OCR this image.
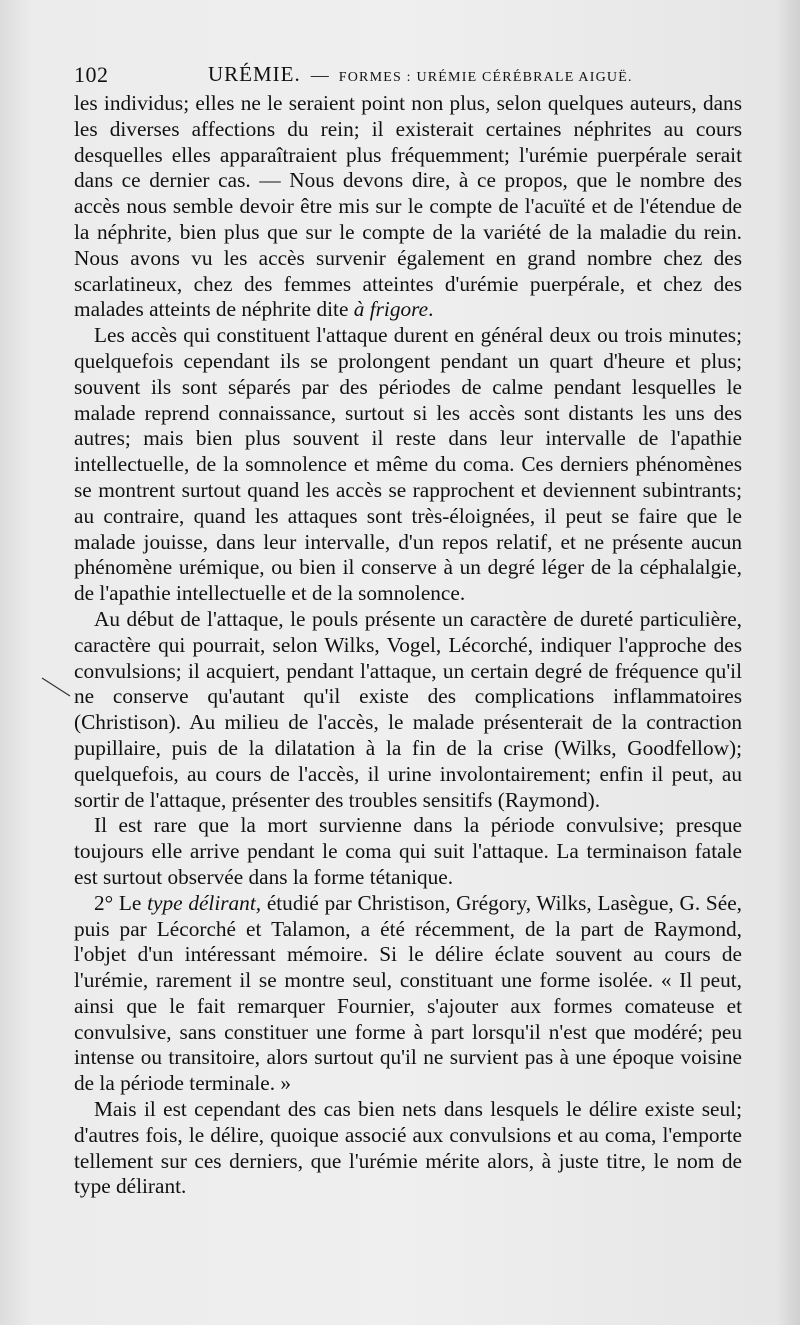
102	URÉMIE. — FORMES : URÉMIE CÉRÉBRALE AIGUË.

les individus; elles ne le seraient point non plus, selon quelques auteurs, dans les diverses affections du rein; il existerait certaines néphrites au cours desquelles elles apparaîtraient plus fréquemment; l'urémie puerpérale serait dans ce dernier cas. — Nous devons dire, à ce propos, que le nombre des accès nous semble devoir être mis sur le compte de l'acuïté et de l'étendue de la néphrite, bien plus que sur le compte de la variété de la maladie du rein. Nous avons vu les accès survenir également en grand nombre chez des scarlatineux, chez des femmes atteintes d'urémie puerpérale, et chez des malades atteints de néphrite dite à frigore.

Les accès qui constituent l'attaque durent en général deux ou trois minutes; quelquefois cependant ils se prolongent pendant un quart d'heure et plus; souvent ils sont séparés par des périodes de calme pendant lesquelles le malade reprend connaissance, surtout si les accès sont distants les uns des autres; mais bien plus souvent il reste dans leur intervalle de l'apathie intellectuelle, de la somnolence et même du coma. Ces derniers phénomènes se montrent surtout quand les accès se rapprochent et deviennent subintrants; au contraire, quand les attaques sont très-éloignées, il peut se faire que le malade jouisse, dans leur intervalle, d'un repos relatif, et ne présente aucun phénomène urémique, ou bien il conserve à un degré léger de la céphalalgie, de l'apathie intellectuelle et de la somnolence.

Au début de l'attaque, le pouls présente un caractère de dureté particulière, caractère qui pourrait, selon Wilks, Vogel, Lécorché, indiquer l'approche des convulsions; il acquiert, pendant l'attaque, un certain degré de fréquence qu'il ne conserve qu'autant qu'il existe des complications inflammatoires (Christison). Au milieu de l'accès, le malade présenterait de la contraction pupillaire, puis de la dilatation à la fin de la crise (Wilks, Goodfellow); quelquefois, au cours de l'accès, il urine involontairement; enfin il peut, au sortir de l'attaque, présenter des troubles sensitifs (Raymond).

Il est rare que la mort survienne dans la période convulsive; presque toujours elle arrive pendant le coma qui suit l'attaque. La terminaison fatale est surtout observée dans la forme tétanique.

2° Le type délirant, étudié par Christison, Grégory, Wilks, Lasègue, G. Sée, puis par Lécorché et Talamon, a été récemment, de la part de Raymond, l'objet d'un intéressant mémoire. Si le délire éclate souvent au cours de l'urémie, rarement il se montre seul, constituant une forme isolée. « Il peut, ainsi que le fait remarquer Fournier, s'ajouter aux formes comateuse et convulsive, sans constituer une forme à part lorsqu'il n'est que modéré; peu intense ou transitoire, alors surtout qu'il ne survient pas à une époque voisine de la période terminale. »

Mais il est cependant des cas bien nets dans lesquels le délire existe seul; d'autres fois, le délire, quoique associé aux convulsions et au coma, l'emporte tellement sur ces derniers, que l'urémie mérite alors, à juste titre, le nom de type délirant.
